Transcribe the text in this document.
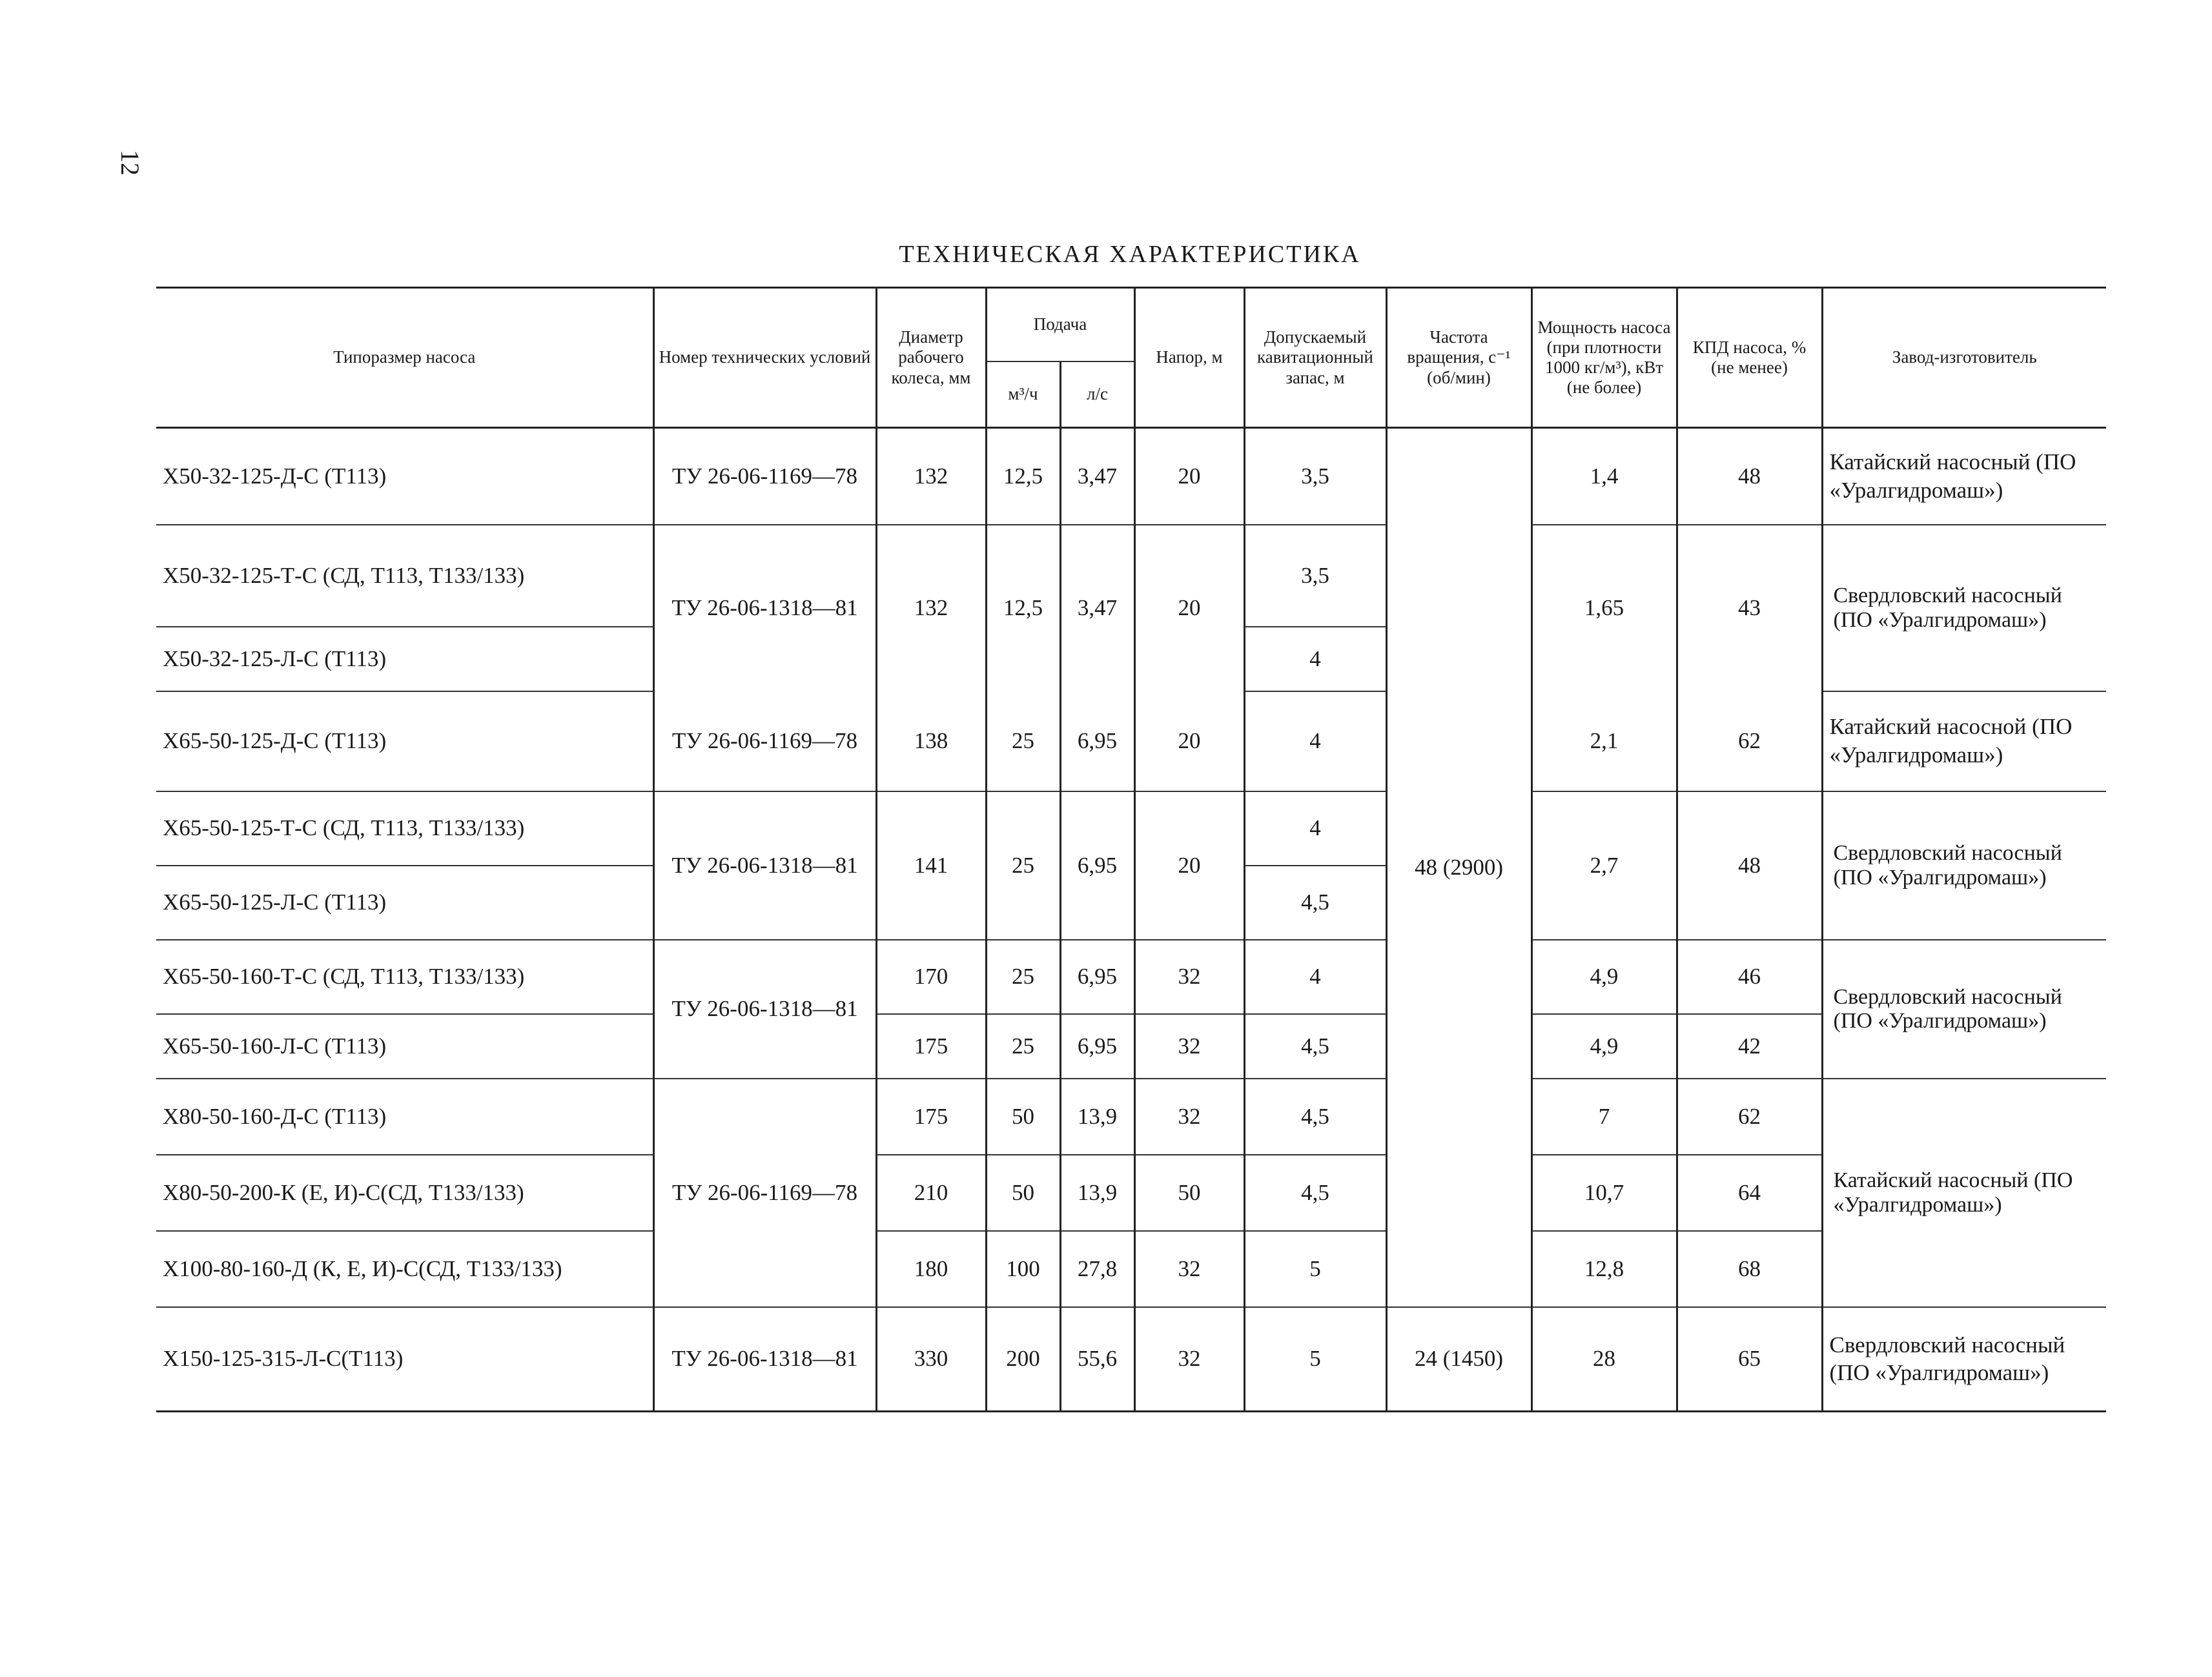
12
ТЕХНИЧЕСКАЯ ХАРАКТЕРИСТИКА
Типоразмер насоса	Номер технических условий	Диаметр рабочего колеса, мм	Подача		Напор, м	Допускаемый кавитационный запас, м	Частота вращения, с⁻¹ (об/мин)	Мощность насоса (при плотности 1000 кг/м³), кВт (не более)	КПД насоса, % (не менее)	Завод-изготовитель
			м³/ч	л/с						
Х50-32-125-Д-С (Т113)	ТУ 26-06-1169—78	132	12,5	3,47	20	3,5	48 (2900)	1,4	48	Катайский насосный (ПО «Уралгидромаш»)
Х50-32-125-Т-С (СД, Т113, Т133/133)	ТУ 26-06-1318—81	132	12,5	3,47	20	3,5		1,65	43	Свердловский насосный (ПО «Уралгидромаш»)

Х50-32-125-Л-С (Т113)						4				
Х65-50-125-Д-С (Т113)	ТУ 26-06-1169—78	138	25	6,95	20	4		2,1	62	Катайский насосной (ПО «Уралгидромаш»)
Х65-50-125-Т-С (СД, Т113, Т133/133)	ТУ 26-06-1318—81	141	25	6,95	20	4		2,7	48	Свердловский насосный (ПО «Уралгидромаш»)

Х65-50-125-Л-С (Т113)						4,5				
Х65-50-160-Т-С (СД, Т113, Т133/133)	ТУ 26-06-1318—81	170	25	6,95	32	4		4,9	46	Свердловский насосный (ПО «Уралгидромаш»)

Х65-50-160-Л-С (Т113)		175	25	6,95	32	4,5		4,9	42	
Х80-50-160-Д-С (Т113)	ТУ 26-06-1169—78	175	50	13,9	32	4,5		7	62	Катайский насосный (ПО «Уралгидромаш»)

Х80-50-200-К (Е, И)-С(СД, Т133/133)		210	50	13,9	50	4,5		10,7	64	
Х100-80-160-Д (К, Е, И)-С(СД, Т133/133)		180	100	27,8	32	5		12,8	68	
Х150-125-315-Л-С(Т113)	ТУ 26-06-1318—81	330	200	55,6	32	5	24 (1450)	28	65	Свердловский насосный (ПО «Уралгидромаш»)
